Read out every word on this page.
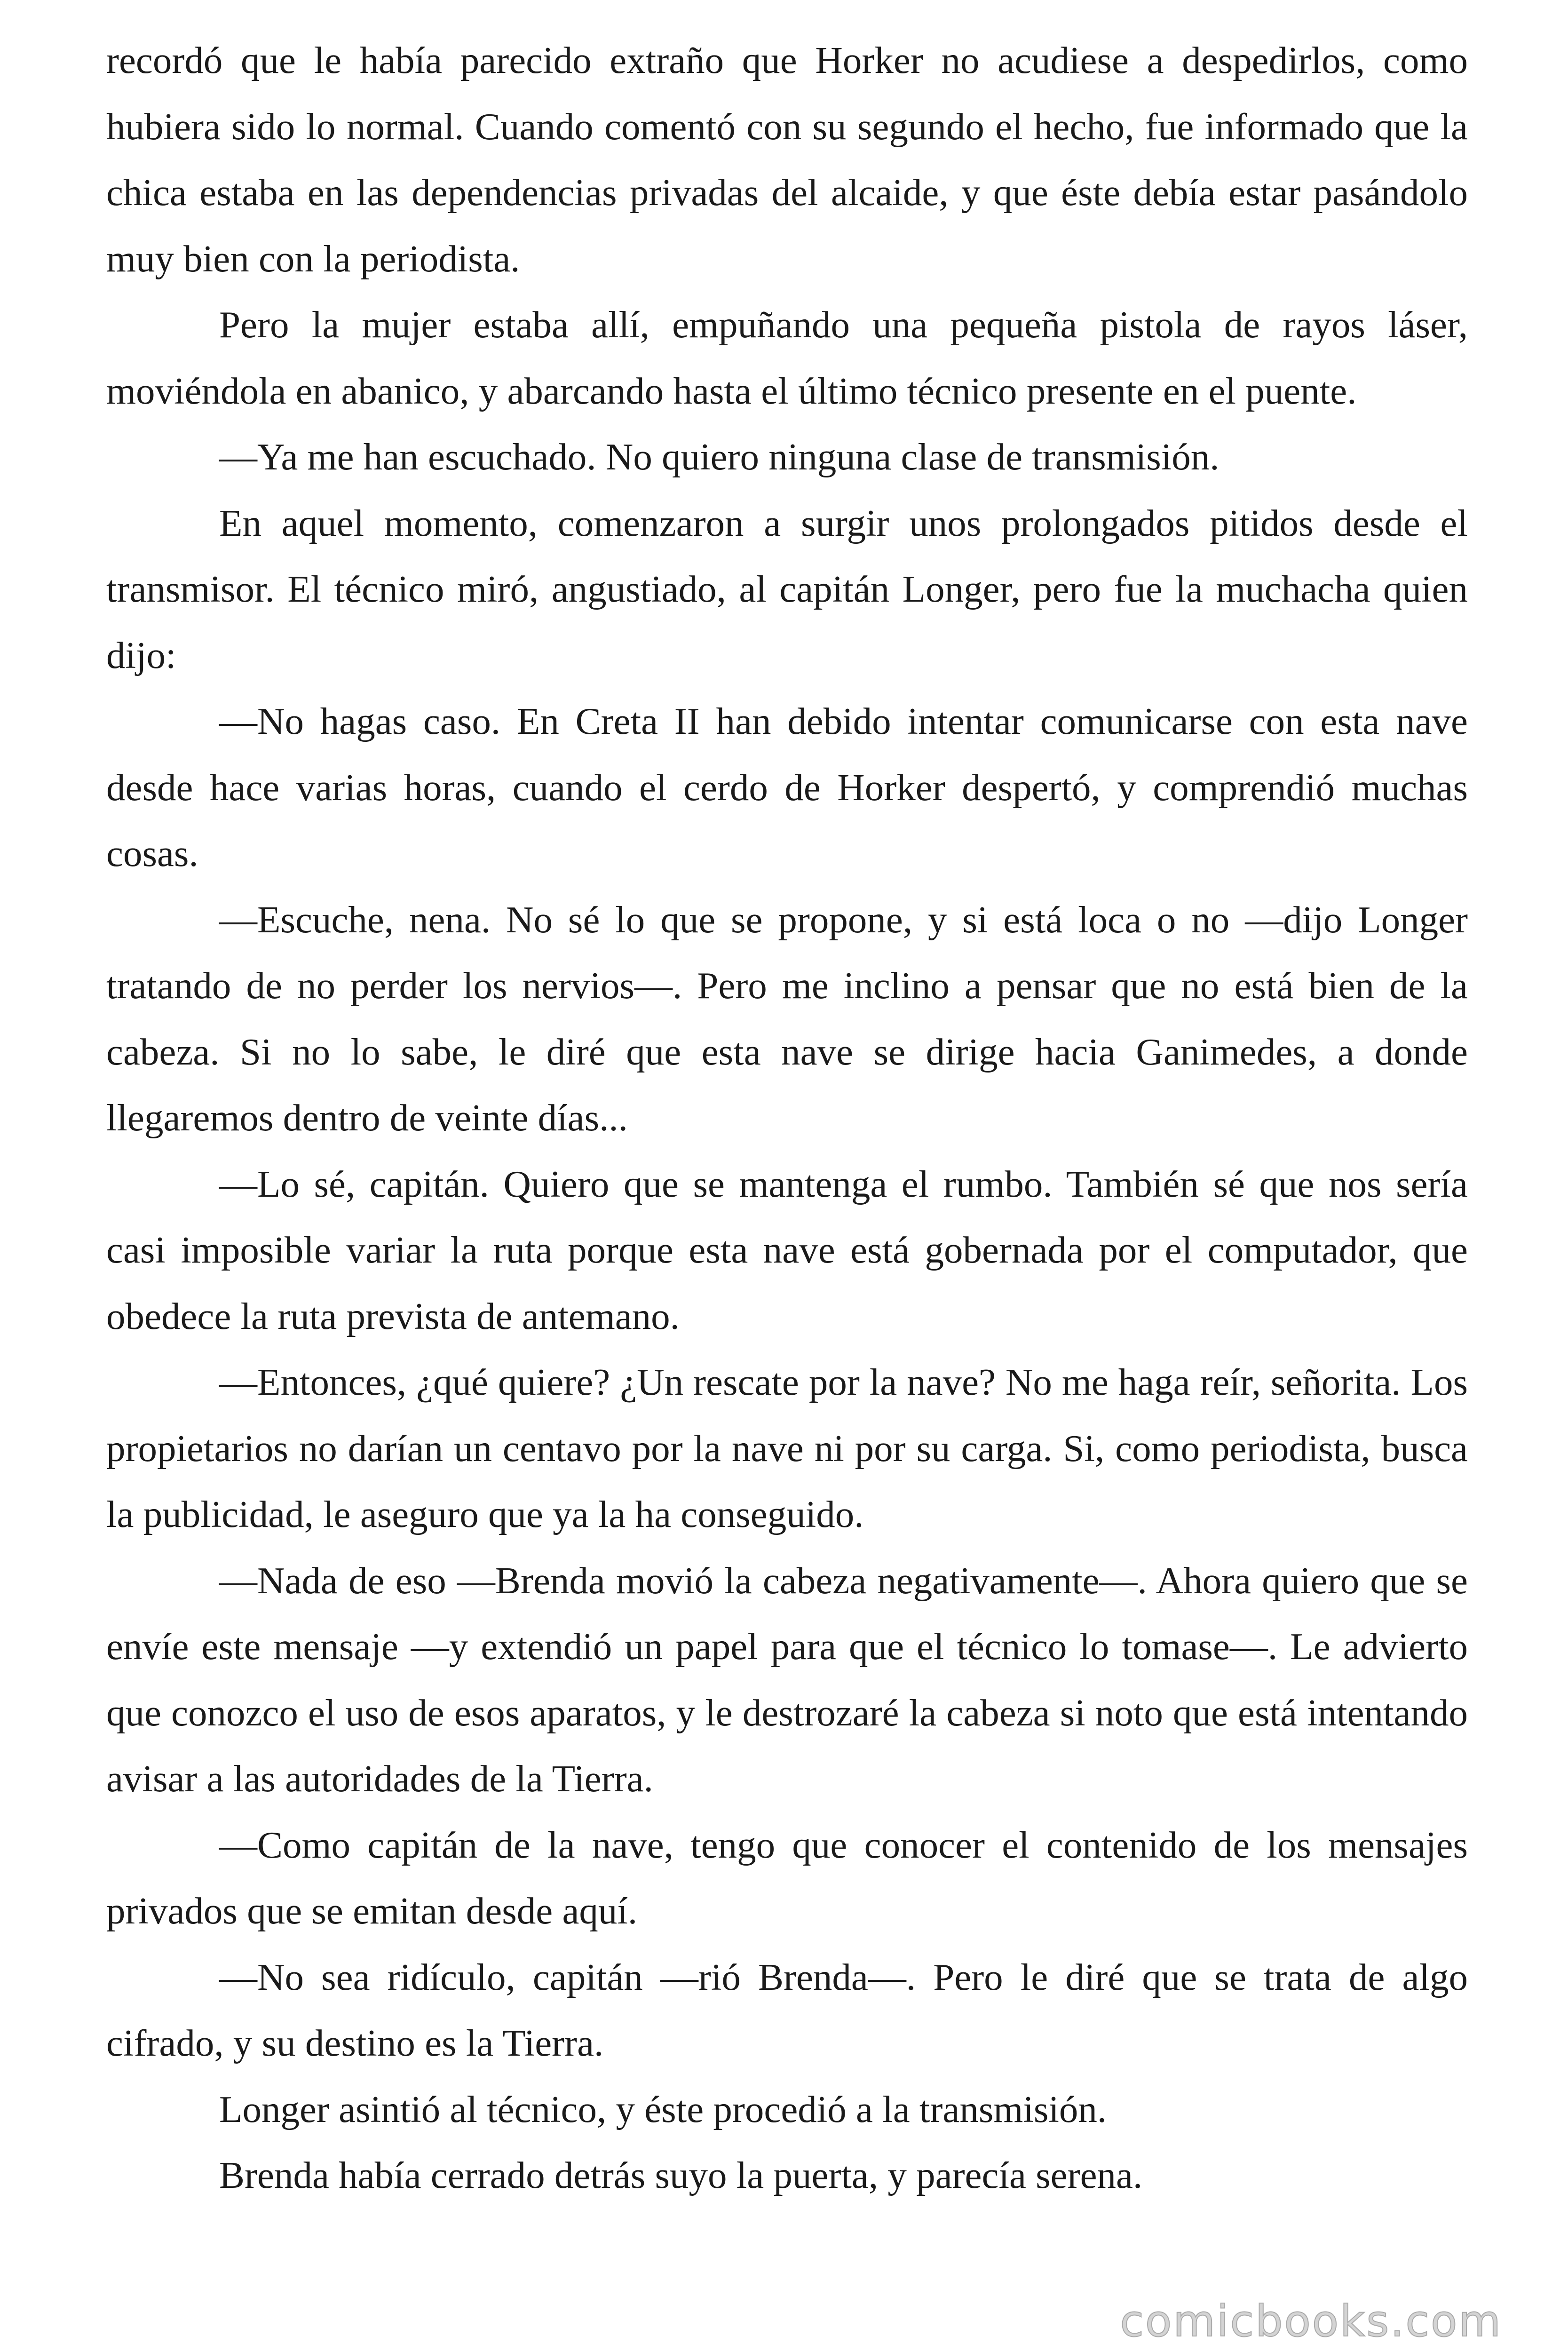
recordó que le había parecido extraño que Horker no acudiese a despedirlos, como hubiera sido lo normal. Cuando comentó con su segundo el hecho, fue informado que la chica estaba en las dependencias privadas del alcaide, y que éste debía estar pasándolo muy bien con la periodista.

Pero la mujer estaba allí, empuñando una pequeña pistola de rayos láser, moviéndola en abanico, y abarcando hasta el último técnico presente en el puente.

—Ya me han escuchado. No quiero ninguna clase de transmisión.

En aquel momento, comenzaron a surgir unos prolongados pitidos desde el transmisor. El técnico miró, angustiado, al capitán Longer, pero fue la muchacha quien dijo:

—No hagas caso. En Creta II han debido intentar comunicarse con esta nave desde hace varias horas, cuando el cerdo de Horker despertó, y comprendió muchas cosas.

—Escuche, nena. No sé lo que se propone, y si está loca o no —dijo Longer tratando de no perder los nervios—. Pero me inclino a pensar que no está bien de la cabeza. Si no lo sabe, le diré que esta nave se dirige hacia Ganimedes, a donde llegaremos dentro de veinte días...

—Lo sé, capitán. Quiero que se mantenga el rumbo. También sé que nos sería casi imposible variar la ruta porque esta nave está gobernada por el computador, que obedece la ruta prevista de antemano.

—Entonces, ¿qué quiere? ¿Un rescate por la nave? No me haga reír, señorita. Los propietarios no darían un centavo por la nave ni por su carga. Si, como periodista, busca la publicidad, le aseguro que ya la ha conseguido.

—Nada de eso —Brenda movió la cabeza negativamente—. Ahora quiero que se envíe este mensaje —y extendió un papel para que el técnico lo tomase—. Le advierto que conozco el uso de esos aparatos, y le destrozaré la cabeza si noto que está intentando avisar a las autoridades de la Tierra.

—Como capitán de la nave, tengo que conocer el contenido de los mensajes privados que se emitan desde aquí.

—No sea ridículo, capitán —rió Brenda—. Pero le diré que se trata de algo cifrado, y su destino es la Tierra.

Longer asintió al técnico, y éste procedió a la transmisión.

Brenda había cerrado detrás suyo la puerta, y parecía serena.

comicbooks.com
